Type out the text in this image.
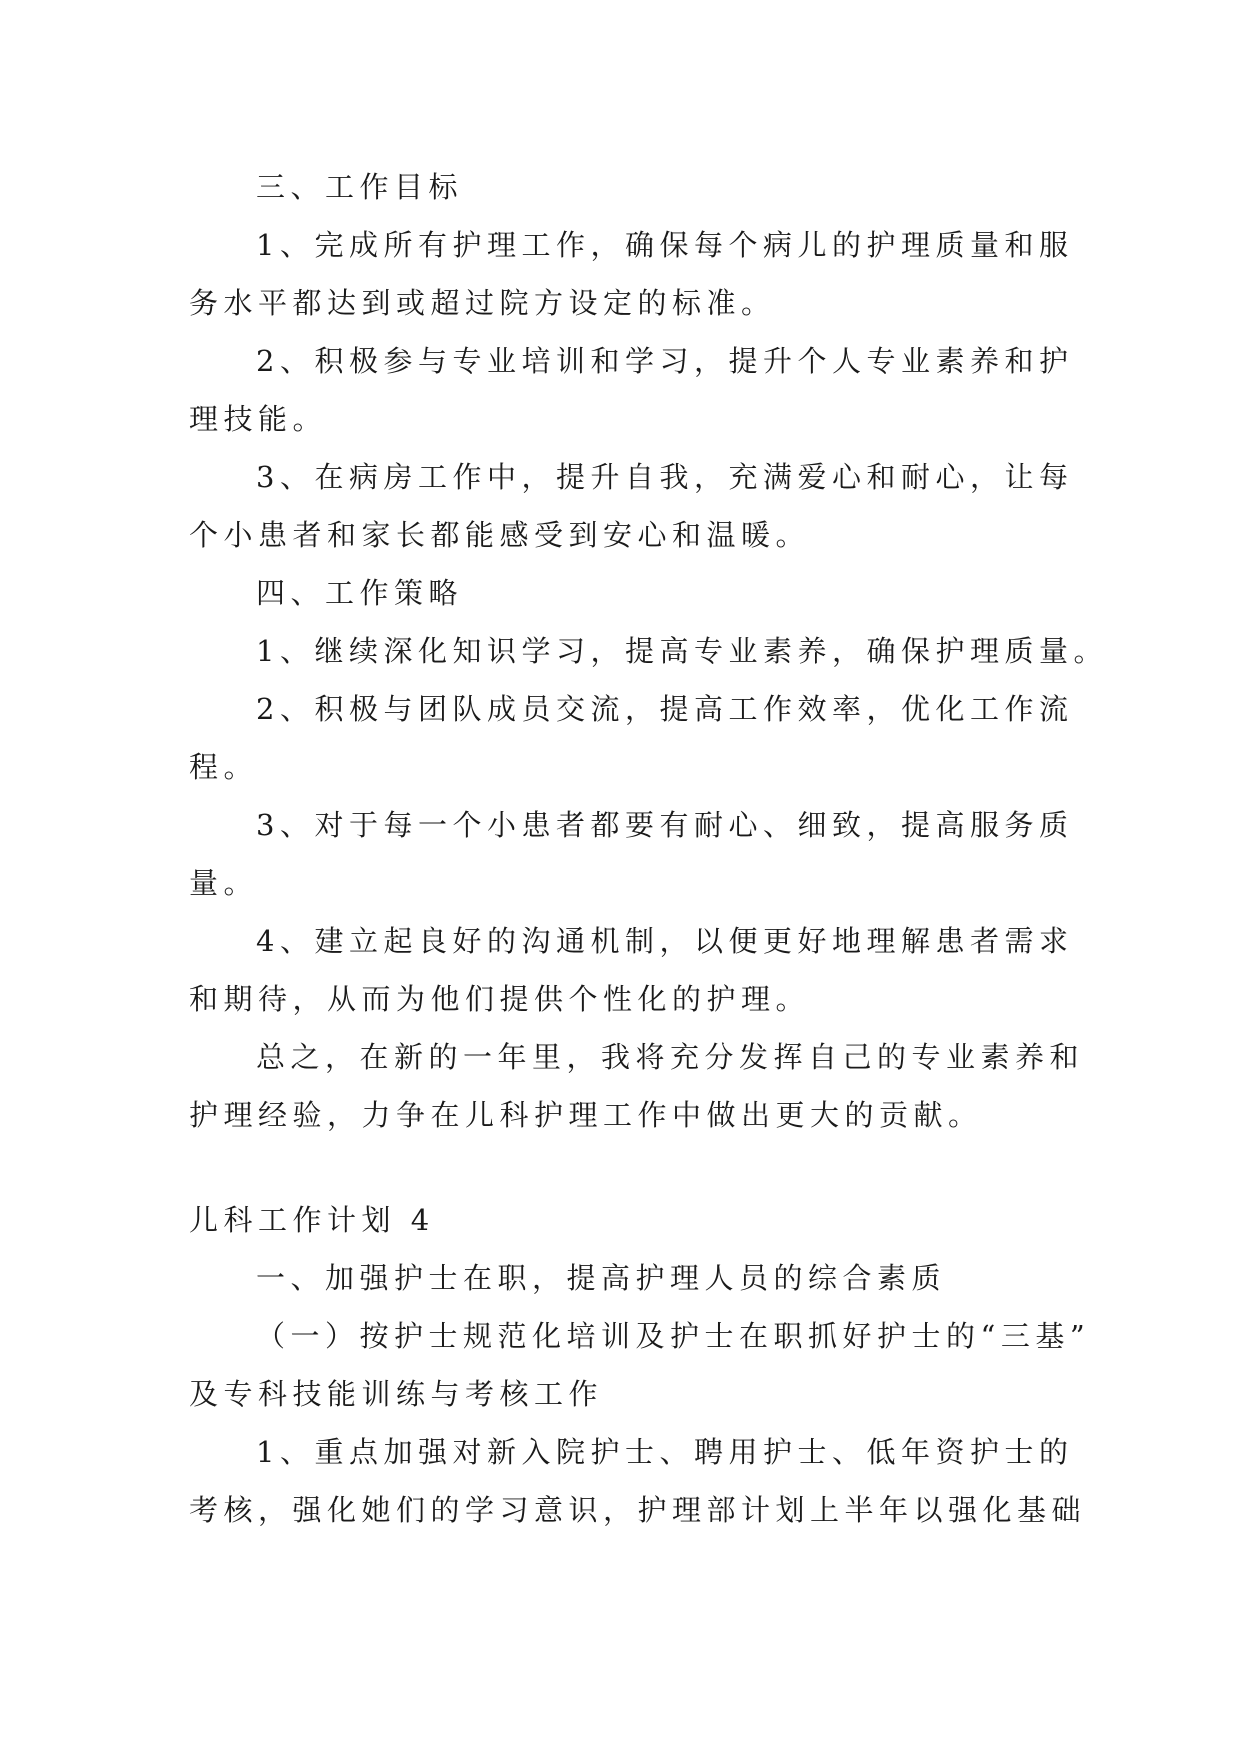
三、工作目标
1、完成所有护理工作，确保每个病儿的护理质量和服
务水平都达到或超过院方设定的标准。
2、积极参与专业培训和学习，提升个人专业素养和护
理技能。
3、在病房工作中，提升自我，充满爱心和耐心，让每
个小患者和家长都能感受到安心和温暖。
四、工作策略
1、继续深化知识学习，提高专业素养，确保护理质量。
2、积极与团队成员交流，提高工作效率，优化工作流
程。
3、对于每一个小患者都要有耐心、细致，提高服务质
量。
4、建立起良好的沟通机制，以便更好地理解患者需求
和期待，从而为他们提供个性化的护理。
总之，在新的一年里，我将充分发挥自己的专业素养和
护理经验，力争在儿科护理工作中做出更大的贡献。
儿科工作计划 4
一、加强护士在职，提高护理人员的综合素质
（一）按护士规范化培训及护士在职抓好护士的“三基”
及专科技能训练与考核工作
1、重点加强对新入院护士、聘用护士、低年资护士的
考核，强化她们的学习意识，护理部计划上半年以强化基础
